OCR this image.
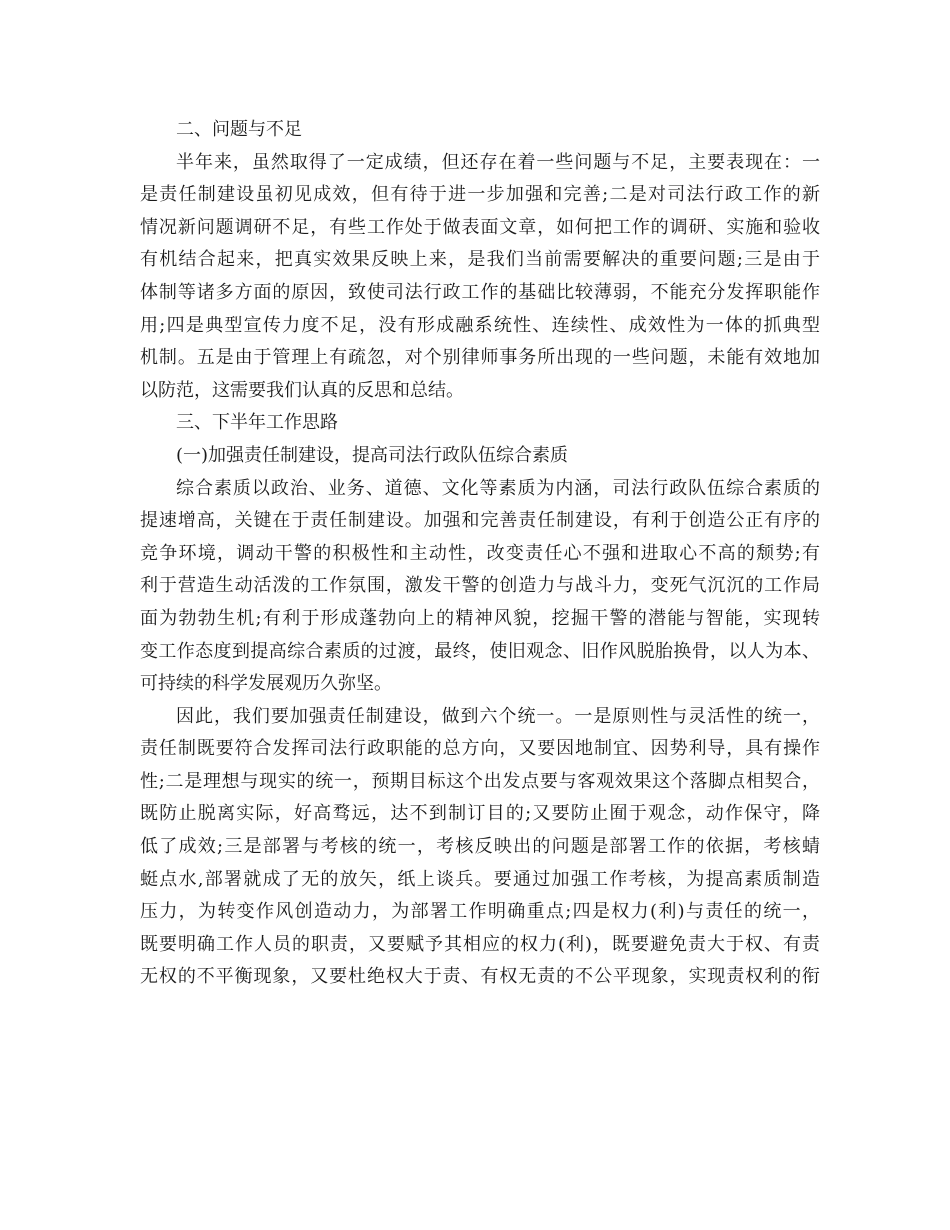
二、问题与不足
半年来，虽然取得了一定成绩，但还存在着一些问题与不足，主要表现在：一
是责任制建设虽初见成效，但有待于进一步加强和完善;二是对司法行政工作的新
情况新问题调研不足，有些工作处于做表面文章，如何把工作的调研、实施和验收
有机结合起来，把真实效果反映上来，是我们当前需要解决的重要问题;三是由于
体制等诸多方面的原因，致使司法行政工作的基础比较薄弱，不能充分发挥职能作
用;四是典型宣传力度不足，没有形成融系统性、连续性、成效性为一体的抓典型
机制。五是由于管理上有疏忽，对个别律师事务所出现的一些问题，未能有效地加
以防范，这需要我们认真的反思和总结。
三、下半年工作思路
(一)加强责任制建设，提高司法行政队伍综合素质
综合素质以政治、业务、道德、文化等素质为内涵，司法行政队伍综合素质的
提速增高，关键在于责任制建设。加强和完善责任制建设，有利于创造公正有序的
竞争环境，调动干警的积极性和主动性，改变责任心不强和进取心不高的颓势;有
利于营造生动活泼的工作氛围，激发干警的创造力与战斗力，变死气沉沉的工作局
面为勃勃生机;有利于形成蓬勃向上的精神风貌，挖掘干警的潜能与智能，实现转
变工作态度到提高综合素质的过渡，最终，使旧观念、旧作风脱胎换骨，以人为本、
可持续的科学发展观历久弥坚。
因此，我们要加强责任制建设，做到六个统一。一是原则性与灵活性的统一，
责任制既要符合发挥司法行政职能的总方向，又要因地制宜、因势利导，具有操作
性;二是理想与现实的统一，预期目标这个出发点要与客观效果这个落脚点相契合，
既防止脱离实际，好高骛远，达不到制订目的;又要防止囿于观念，动作保守，降
低了成效;三是部署与考核的统一，考核反映出的问题是部署工作的依据，考核蜻
蜓点水,部署就成了无的放矢，纸上谈兵。要通过加强工作考核，为提高素质制造
压力，为转变作风创造动力，为部署工作明确重点;四是权力(利)与责任的统一，
既要明确工作人员的职责，又要赋予其相应的权力(利)，既要避免责大于权、有责
无权的不平衡现象，又要杜绝权大于责、有权无责的不公平现象，实现责权利的衔
